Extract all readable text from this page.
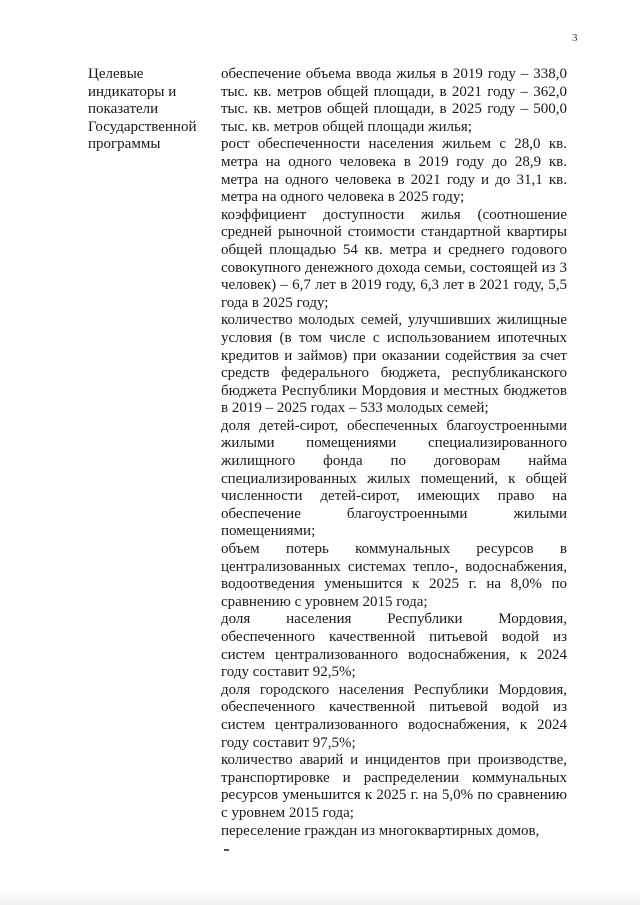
3
Целевые
индикаторы и
показатели
Государственной
программы
обеспечение объема ввода жилья в 2019 году – 338,0 тыс. кв. метров общей площади, в 2021 году – 362,0 тыс. кв. метров общей площади, в 2025 году – 500,0 тыс. кв. метров общей площади жилья;
рост обеспеченности населения жильем с 28,0 кв. метра на одного человека в 2019 году до 28,9 кв. метра на одного человека в 2021 году и до 31,1 кв. метра на одного человека в 2025 году;
коэффициент доступности жилья (соотношение средней рыночной стоимости стандартной квартиры общей площадью 54 кв. метра и среднего годового совокупного денежного дохода семьи, состоящей из 3 человек) – 6,7 лет в 2019 году, 6,3 лет в 2021 году, 5,5 года в 2025 году;
количество молодых семей, улучшивших жилищные условия (в том числе с использованием ипотечных кредитов и займов) при оказании содействия за счет средств федерального бюджета, республиканского бюджета Республики Мордовия и местных бюджетов в 2019 – 2025 годах – 533 молодых семей;
доля детей-сирот, обеспеченных благоустроенными жилыми помещениями специализированного жилищного фонда по договорам найма специализированных жилых помещений, к общей численности детей-сирот, имеющих право на обеспечение благоустроенными жилыми помещениями;
объем потерь коммунальных ресурсов в централизованных системах тепло-, водоснабжения, водоотведения уменьшится к 2025 г. на 8,0% по сравнению с уровнем 2015 года;
доля населения Республики Мордовия, обеспеченного качественной питьевой водой из систем централизованного водоснабжения, к 2024 году составит 92,5%;
доля городского населения Республики Мордовия, обеспеченного качественной питьевой водой из систем централизованного водоснабжения, к 2024 году составит 97,5%;
количество аварий и инцидентов при производстве, транспортировке и распределении коммунальных ресурсов уменьшится к 2025 г. на 5,0% по сравнению с уровнем 2015 года;
переселение граждан из многоквартирных домов,
